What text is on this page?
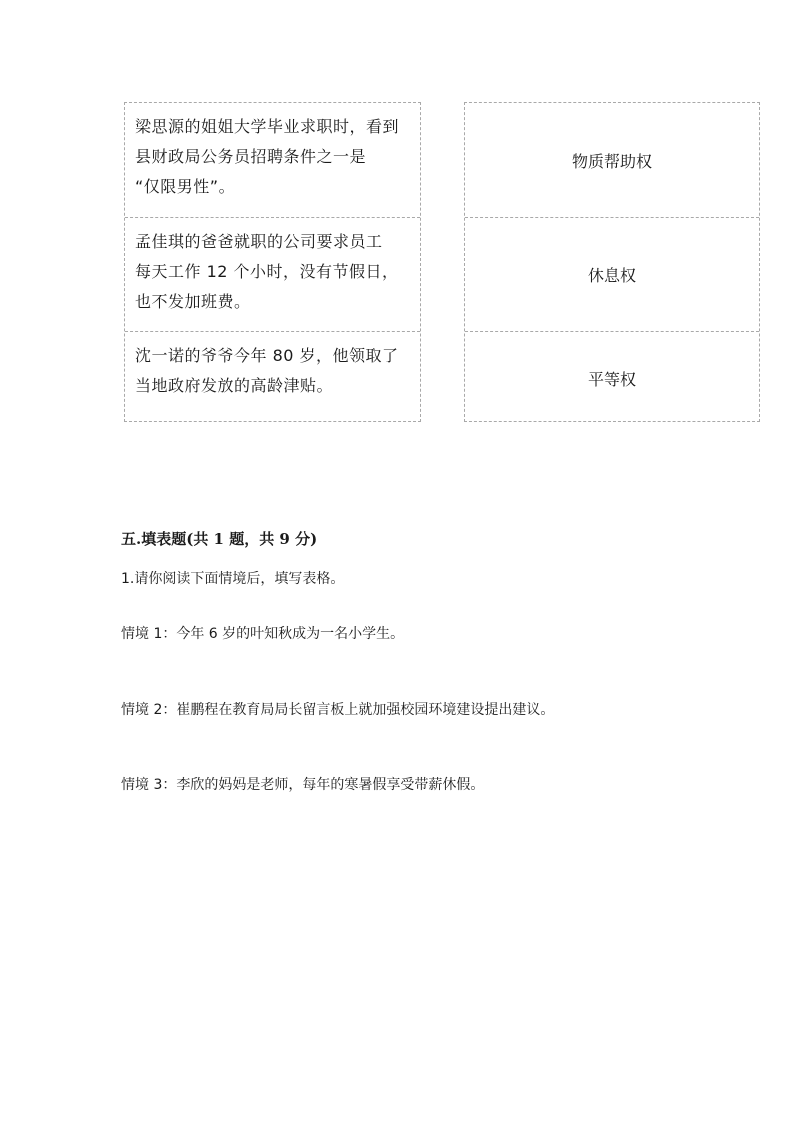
梁思源的姐姐大学毕业求职时，看到
县财政局公务员招聘条件之一是
“仅限男性”。
孟佳琪的爸爸就职的公司要求员工
每天工作 12 个小时，没有节假日，
也不发加班费。
沈一诺的爷爷今年 80 岁，他领取了
当地政府发放的高龄津贴。
物质帮助权
休息权
平等权
五.填表题(共 1 题，共 9 分)
1.请你阅读下面情境后，填写表格。
情境 1：今年 6 岁的叶知秋成为一名小学生。
情境 2：崔鹏程在教育局局长留言板上就加强校园环境建设提出建议。
情境 3：李欣的妈妈是老师，每年的寒暑假享受带薪休假。
